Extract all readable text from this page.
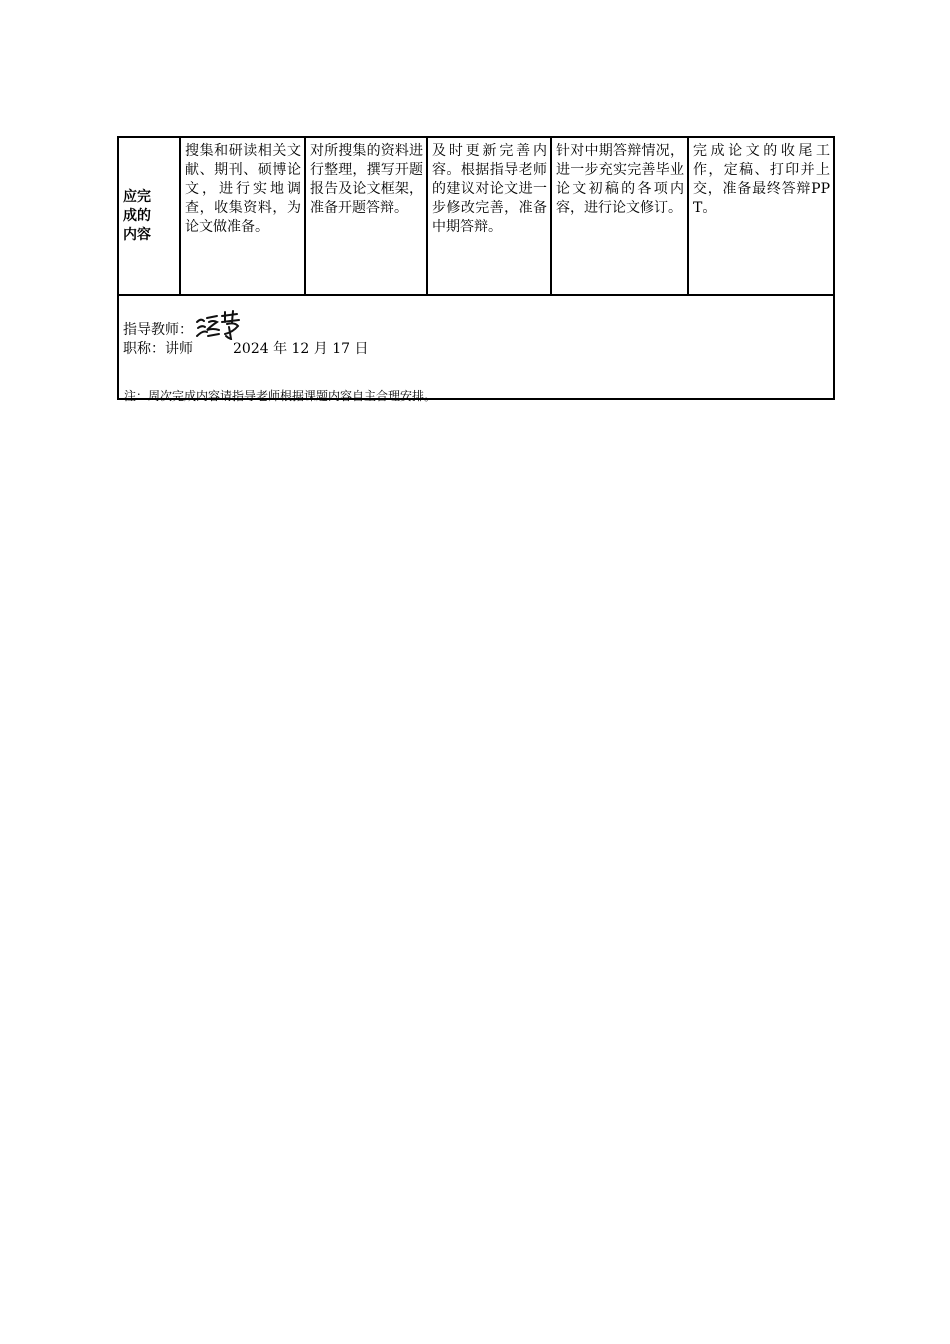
应完
成的
内容
	搜集和研读相关文献、期刊、硕博论文，进行实地调查，收集资料，为论文做准备。	对所搜集的资料进行整理，撰写开题报告及论文框架，准备开题答辩。	及时更新完善内容。根据指导老师的建议对论文进一步修改完善，准备中期答辩。	针对中期答辩情况，进一步充实完善毕业论文初稿的各项内容，进行论文修订。	完成论文的收尾工作，定稿、打印并上交，准备最终答辩PPT。

指导教师：
职称：讲师	2024 年 12 月 17 日
注：周次完成内容请指导老师根据课题内容自主合理安排。
